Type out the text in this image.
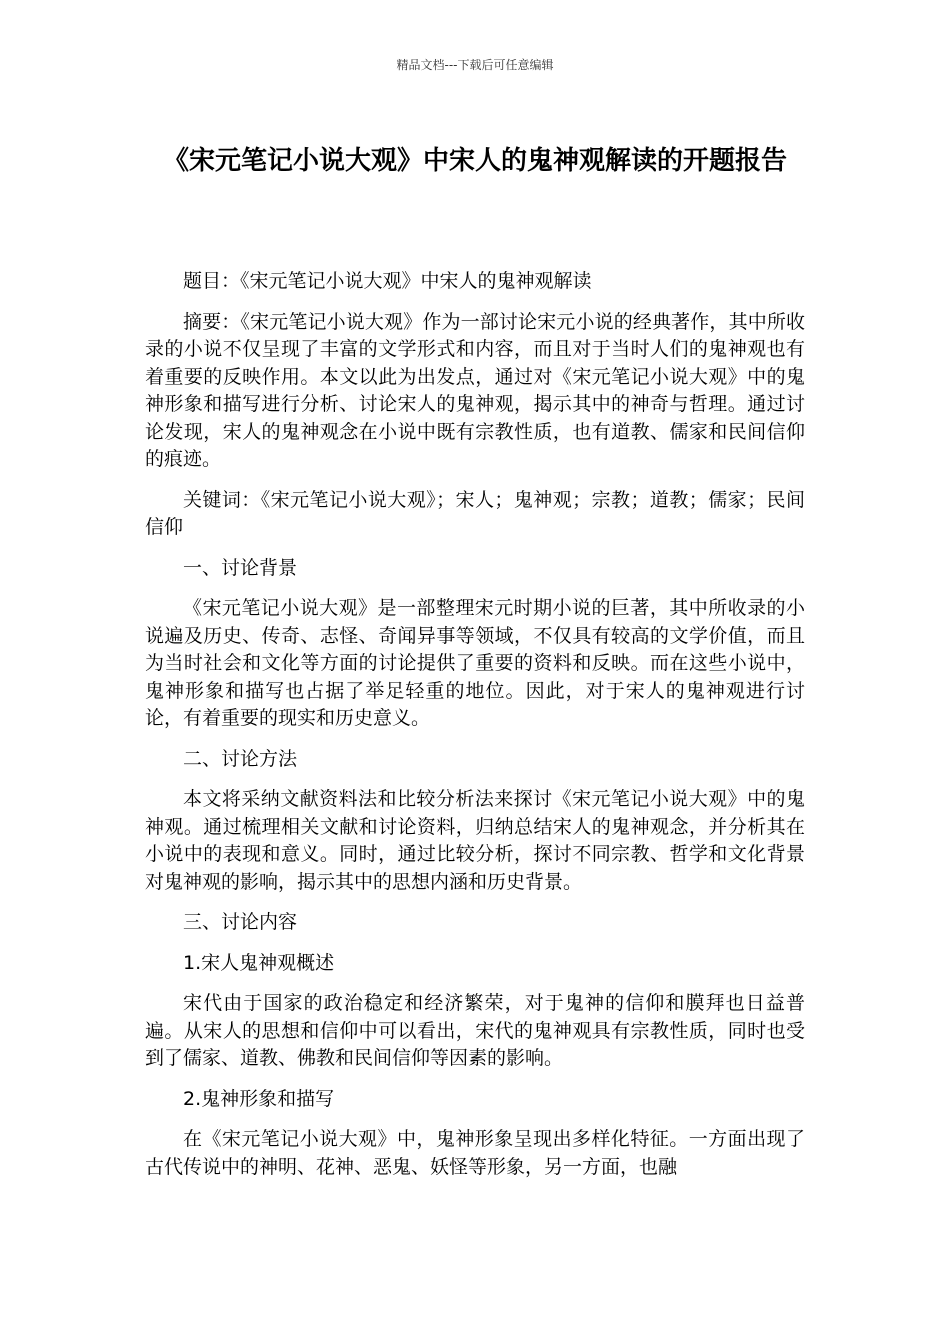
精品文档---下载后可任意编辑
《宋元笔记小说大观》中宋人的鬼神观解读的开题报告

题目：《宋元笔记小说大观》中宋人的鬼神观解读

摘要：《宋元笔记小说大观》作为一部讨论宋元小说的经典著作，其中所收录的小说不仅呈现了丰富的文学形式和内容，而且对于当时人们的鬼神观也有着重要的反映作用。本文以此为出发点，通过对《宋元笔记小说大观》中的鬼神形象和描写进行分析、讨论宋人的鬼神观，揭示其中的神奇与哲理。通过讨论发现，宋人的鬼神观念在小说中既有宗教性质，也有道教、儒家和民间信仰的痕迹。

关键词：《宋元笔记小说大观》；宋人；鬼神观；宗教；道教；儒家；民间信仰

一、讨论背景

《宋元笔记小说大观》是一部整理宋元时期小说的巨著，其中所收录的小说遍及历史、传奇、志怪、奇闻异事等领域，不仅具有较高的文学价值，而且为当时社会和文化等方面的讨论提供了重要的资料和反映。而在这些小说中，鬼神形象和描写也占据了举足轻重的地位。因此，对于宋人的鬼神观进行讨论，有着重要的现实和历史意义。

二、讨论方法

本文将采纳文献资料法和比较分析法来探讨《宋元笔记小说大观》中的鬼神观。通过梳理相关文献和讨论资料，归纳总结宋人的鬼神观念，并分析其在小说中的表现和意义。同时，通过比较分析，探讨不同宗教、哲学和文化背景对鬼神观的影响，揭示其中的思想内涵和历史背景。

三、讨论内容

1.宋人鬼神观概述

宋代由于国家的政治稳定和经济繁荣，对于鬼神的信仰和膜拜也日益普遍。从宋人的思想和信仰中可以看出，宋代的鬼神观具有宗教性质，同时也受到了儒家、道教、佛教和民间信仰等因素的影响。

2.鬼神形象和描写

在《宋元笔记小说大观》中，鬼神形象呈现出多样化特征。一方面出现了古代传说中的神明、花神、恶鬼、妖怪等形象，另一方面，也融
